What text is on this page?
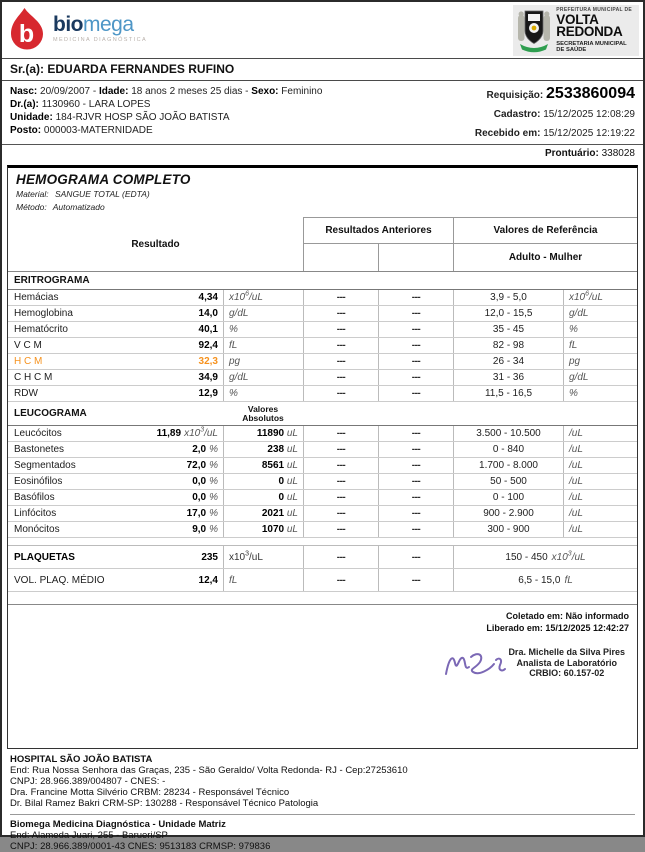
b biomega
MEDICINA DIAGNÓSTICA
PREFEITURA MUNICIPAL DE
VOLTA
REDONDA
SECRETARIA MUNICIPAL
DE SAÚDE
Sr.(a): EDUARDA FERNANDES RUFINO
Nasc: 20/09/2007 - Idade: 18 anos 2 meses 25 dias - Sexo: Feminino
Dr.(a): 1130960 - LARA LOPES
Unidade: 184-RJVR HOSP SÃO JOÃO BATISTA
Posto: 000003-MATERNIDADE
Requisição: 2533860094
Cadastro: 15/12/2025 12:08:29
Recebido em: 15/12/2025 12:19:22
Prontuário: 338028
HEMOGRAMA COMPLETO
Material: SANGUE TOTAL (EDTA)
Método: Automatizado
Resultado
Resultados Anteriores	Valores de Referência
Adulto - Mulher
ERITROGRAMA
Hemácias	4,34 $x10^6/uL$	---	---	3,9 - 5,0	$x10^6/uL$
Hemoglobina	14,0 g/dL	---	---	12,0 - 15,5	g/dL
Hematócrito	40,1 %	---	---	35 - 45	%
V C M	92,4 fL	---	---	82 - 98	fL
H C M	32,3 pg	---	---	26 - 34	pg
C H C M	34,9 g/dL	---	---	31 - 36	g/dL
RDW	12,9 %	---	---	11,5 - 16,5	%
LEUCOGRAMA	Valores
Absolutos
Leucócitos	11,89 $x10^3/uL$	11890 uL	---	---	3.500 - 10.500	/uL
Bastonetes	2,0 %	238 uL	---	---	0 - 840	/uL
Segmentados	72,0 %	8561 uL	---	---	1.700 - 8.000	/uL
Eosinófilos	0,0 %	0 uL	---	---	50 - 500	/uL
Basófilos	0,0 %	0 uL	---	---	0 - 100	/uL
Linfócitos	17,0 %	2021 uL	---	---	900 - 2.900	/uL
Monócitos	9,0 %	1070 uL	---	---	300 - 900	/uL
PLAQUETAS	235 $x10^3/uL$	---	---	150 - 450 $x10^3/uL$
VOL. PLAQ. MÉDIO	12,4 fL	---	---	6,5 - 15,0 fL
Coletado em: Não informado
Liberado em: 15/12/2025 12:42:27
Dra. Michelle da Silva Pires
Analista de Laboratório
CRBIO: 60.157-02
HOSPITAL SÃO JOÃO BATISTA
End: Rua Nossa Senhora das Graças, 235 - São Geraldo/ Volta Redonda- RJ - Cep:27253610
CNPJ: 28.966.389/004807 - CNES: -
Dra. Francine Motta Silvério CRBM: 28234 - Responsável Técnico
Dr. Bilal Ramez Bakri CRM-SP: 130288 - Responsável Técnico Patologia
Biomega Medicina Diagnóstica - Unidade Matriz
End: Alameda Juari, 255 - Barueri/SP
CNPJ: 28.966.389/0001-43 CNES: 9513183 CRMSP: 979836
